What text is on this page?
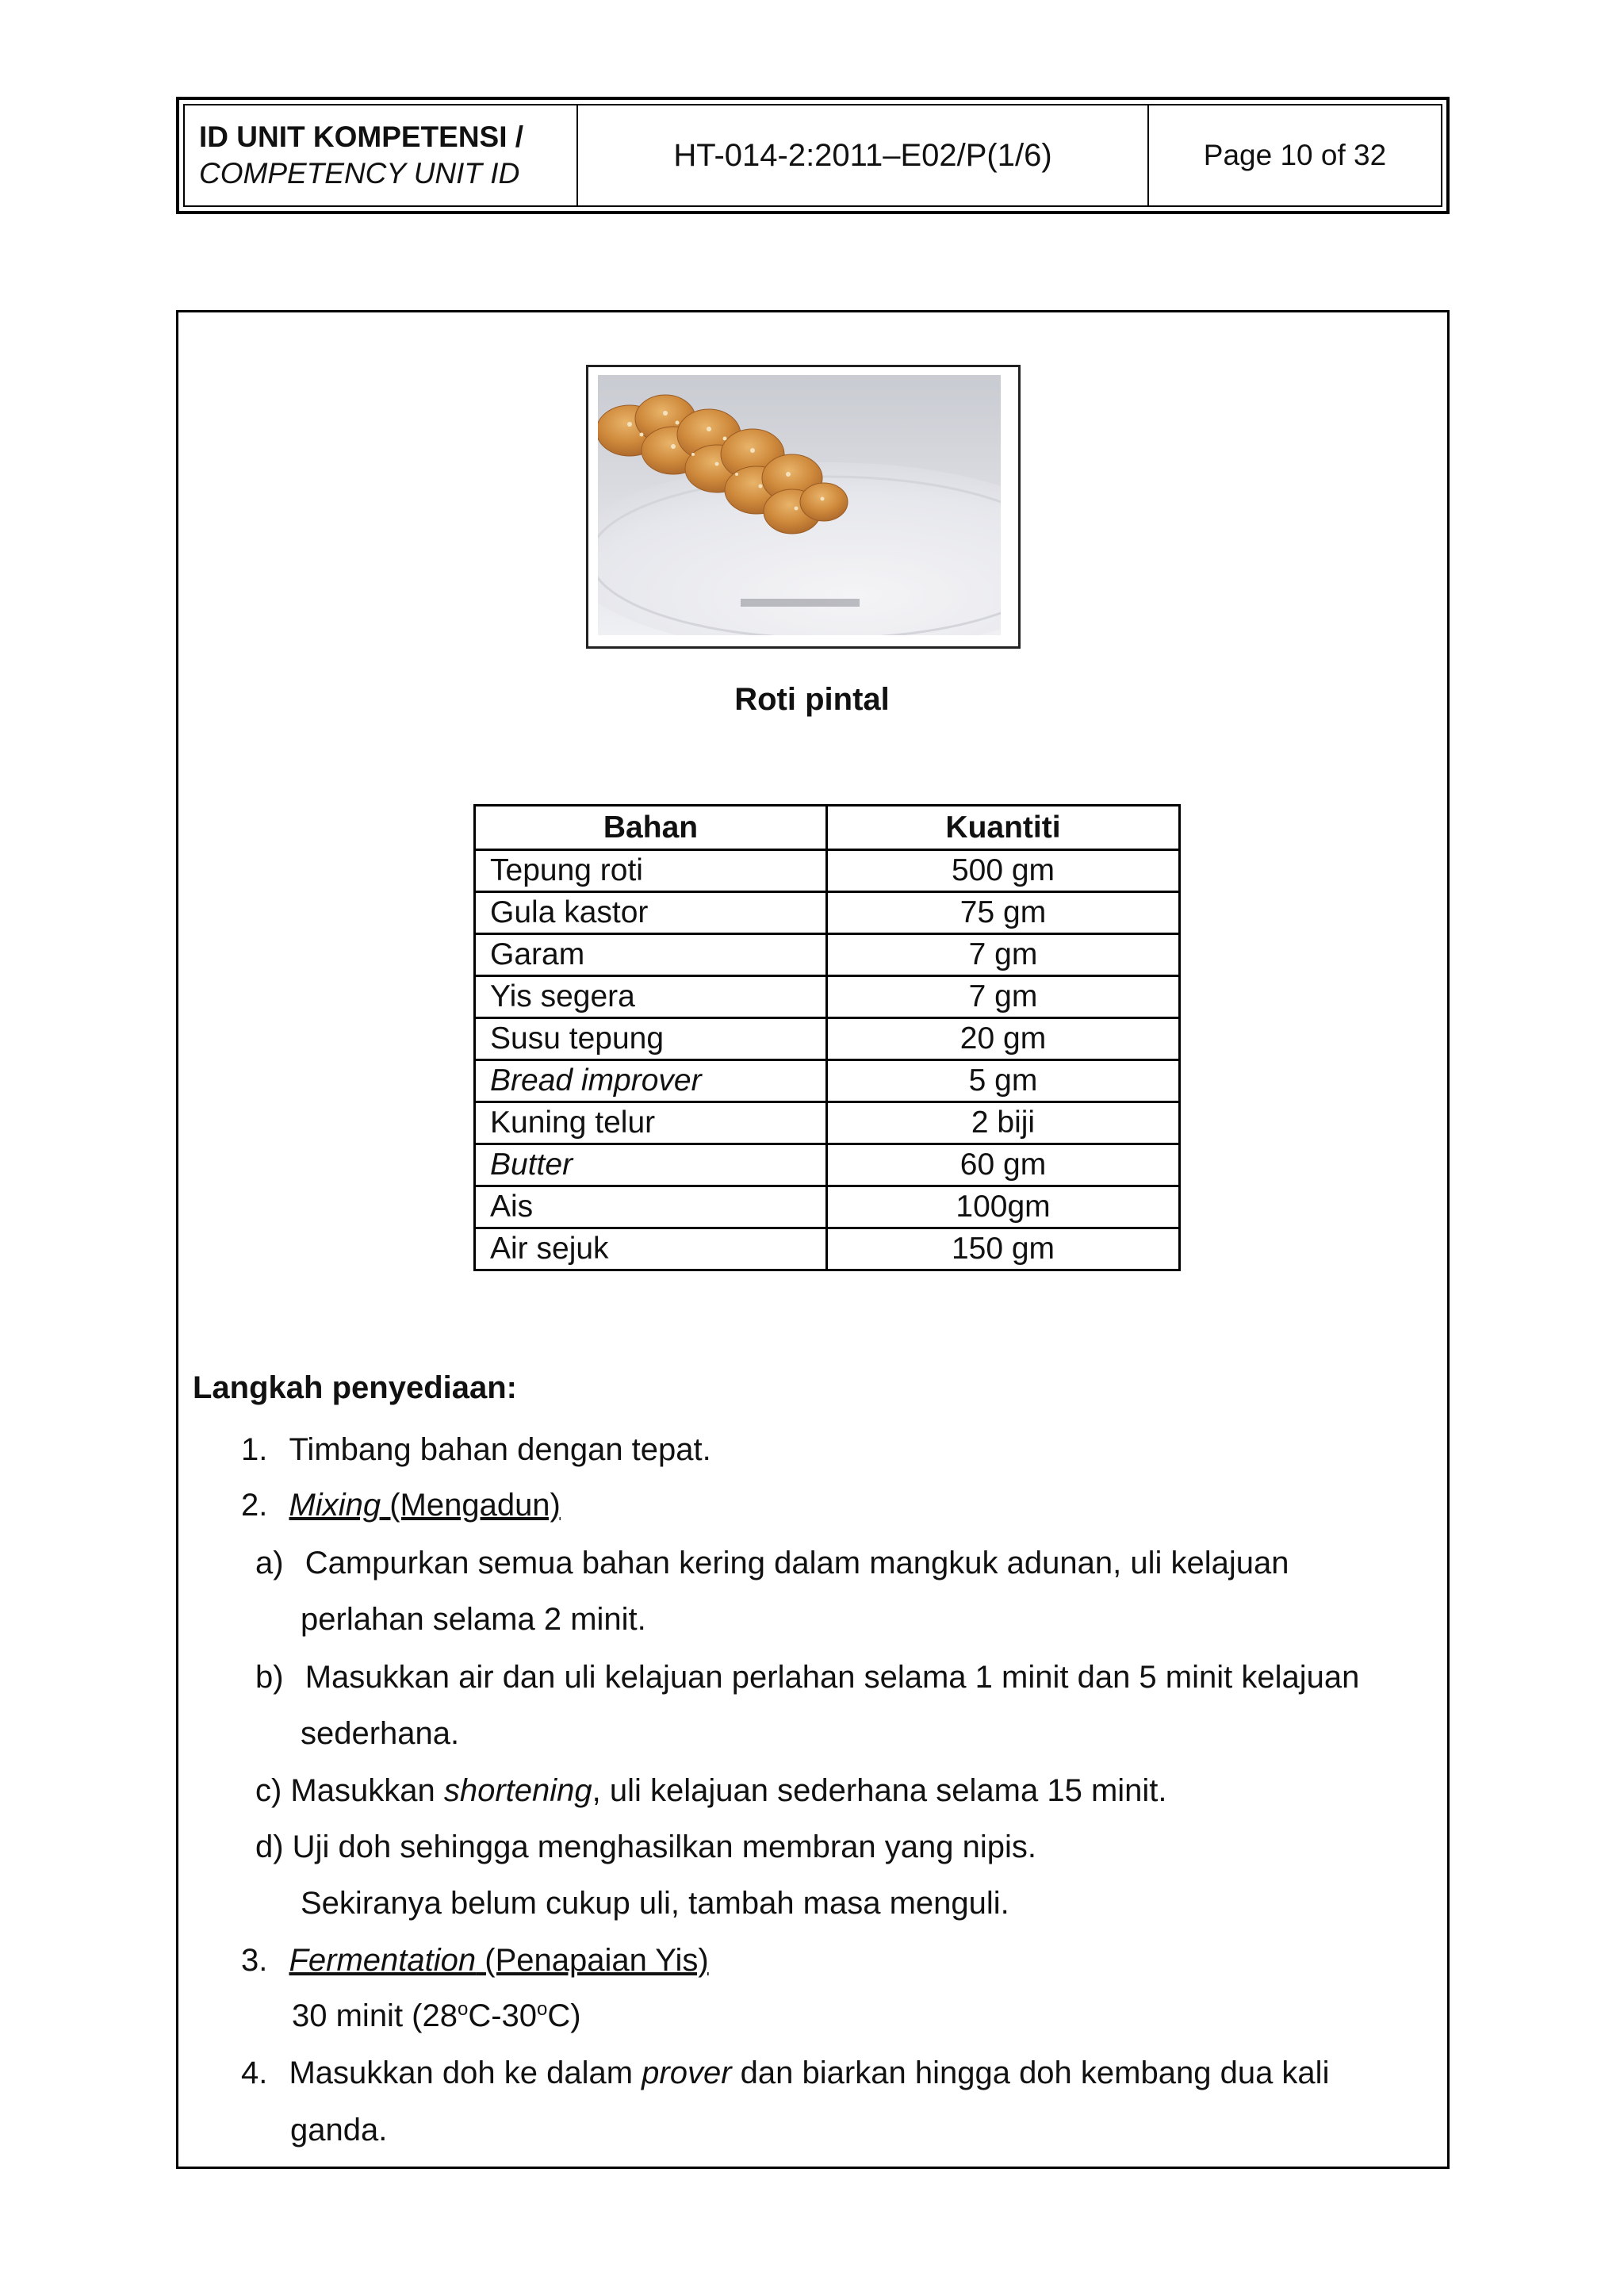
ID UNIT KOMPETENSI /
COMPETENCY UNIT ID
HT-014-2:2011–E02/P(1/6)	Page 10 of 32
Roti pintal
Bahan	Kuantiti
Tepung roti	500 gm
Gula kastor	75 gm
Garam	7 gm
Yis segera	7 gm
Susu tepung	20 gm
Bread improver	5 gm
Kuning telur	2 biji
Butter	60 gm
Ais	100gm
Air sejuk	150 gm
Langkah penyediaan:
1. Timbang bahan dengan tepat.
2. Mixing (Mengadun)
a) Campurkan semua bahan kering dalam mangkuk adunan, uli kelajuan
perlahan selama 2 minit.
b) Masukkan air dan uli kelajuan perlahan selama 1 minit dan 5 minit kelajuan
sederhana.
c) Masukkan shortening, uli kelajuan sederhana selama 15 minit.
d) Uji doh sehingga menghasilkan membran yang nipis.
Sekiranya belum cukup uli, tambah masa menguli.
3. Fermentation (Penapaian Yis)
30 minit (28$^o$C-30$^o$C)
4. Masukkan doh ke dalam prover dan biarkan hingga doh kembang dua kali
ganda.
